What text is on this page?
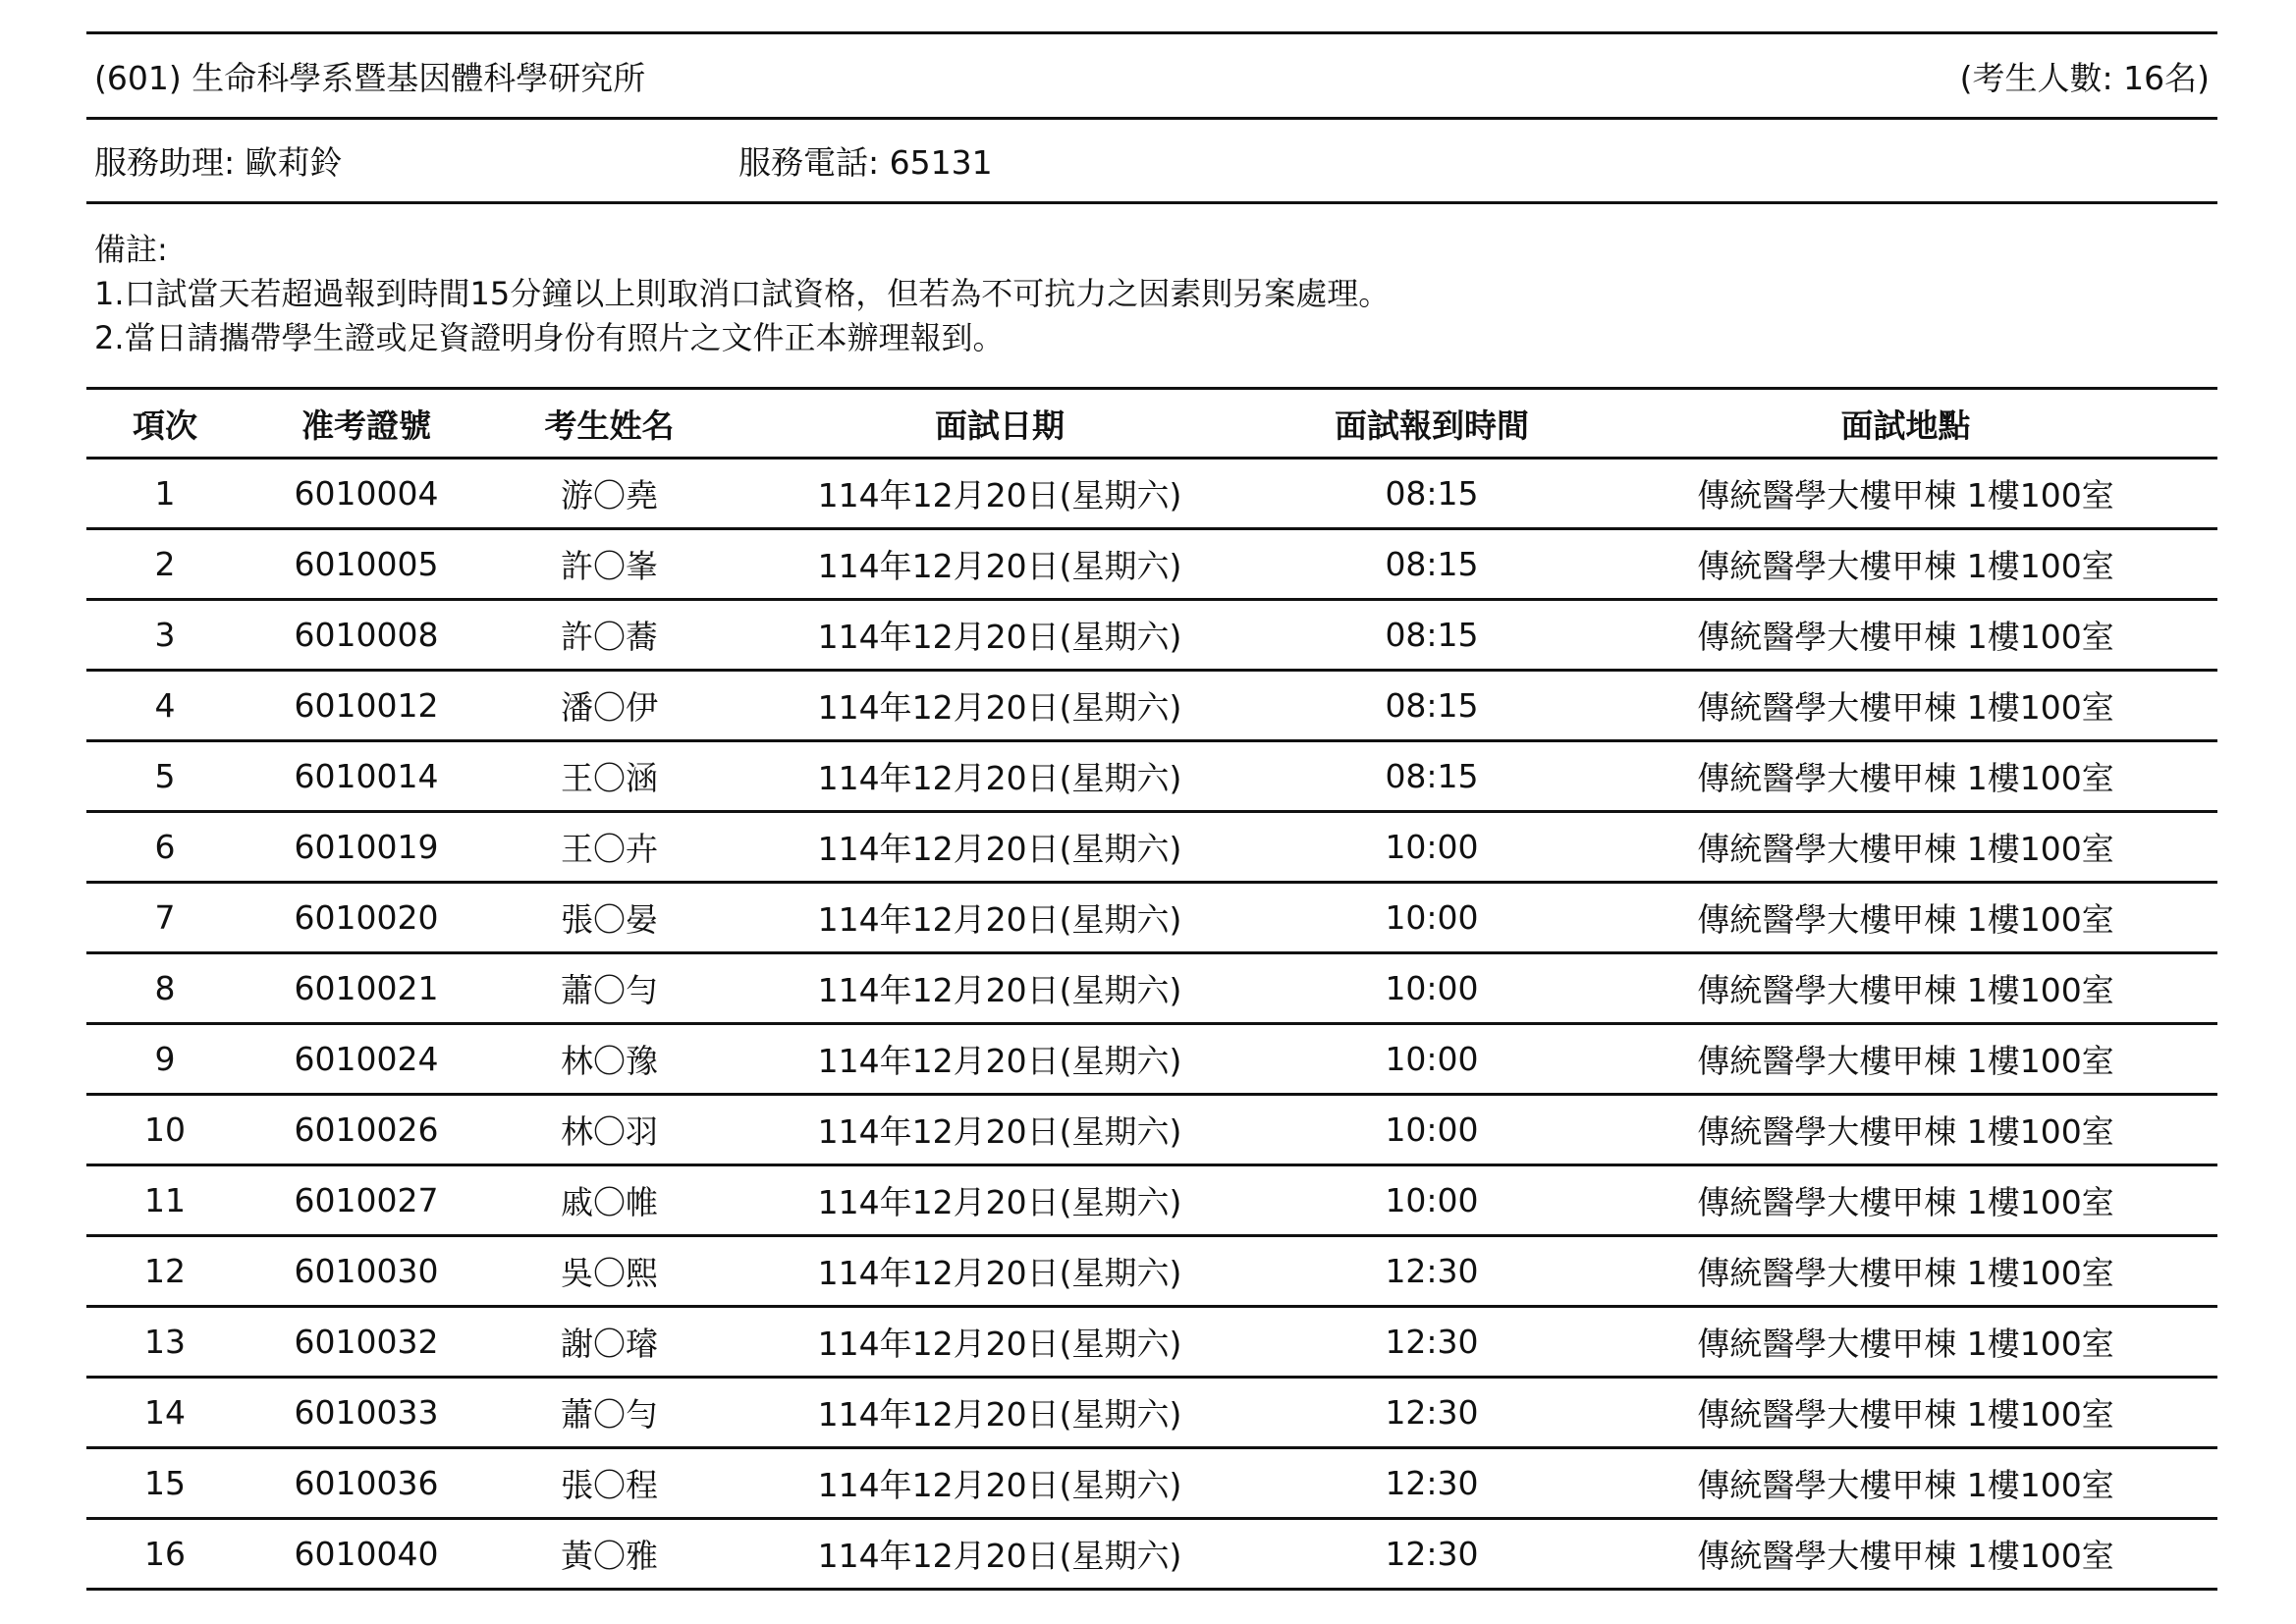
(601) 生命科學系暨基因體科學研究所	(考生人數: 16名)
服務助理: 歐莉鈴	服務電話: 65131
備註:
1.口試當天若超過報到時間15分鐘以上則取消口試資格，但若為不可抗力之因素則另案處理。
2.當日請攜帶學生證或足資證明身份有照片之文件正本辦理報到。
項次	准考證號	考生姓名	面試日期	面試報到時間	面試地點
1	6010004	游〇堯	114年12月20日(星期六)	08:15	傳統醫學大樓甲棟 1樓100室
2	6010005	許〇峯	114年12月20日(星期六)	08:15	傳統醫學大樓甲棟 1樓100室
3	6010008	許〇蕎	114年12月20日(星期六)	08:15	傳統醫學大樓甲棟 1樓100室
4	6010012	潘〇伊	114年12月20日(星期六)	08:15	傳統醫學大樓甲棟 1樓100室
5	6010014	王〇涵	114年12月20日(星期六)	08:15	傳統醫學大樓甲棟 1樓100室
6	6010019	王〇卉	114年12月20日(星期六)	10:00	傳統醫學大樓甲棟 1樓100室
7	6010020	張〇晏	114年12月20日(星期六)	10:00	傳統醫學大樓甲棟 1樓100室
8	6010021	蕭〇勻	114年12月20日(星期六)	10:00	傳統醫學大樓甲棟 1樓100室
9	6010024	林〇豫	114年12月20日(星期六)	10:00	傳統醫學大樓甲棟 1樓100室
10	6010026	林〇羽	114年12月20日(星期六)	10:00	傳統醫學大樓甲棟 1樓100室
11	6010027	戚〇帷	114年12月20日(星期六)	10:00	傳統醫學大樓甲棟 1樓100室
12	6010030	吳〇熙	114年12月20日(星期六)	12:30	傳統醫學大樓甲棟 1樓100室
13	6010032	謝〇璿	114年12月20日(星期六)	12:30	傳統醫學大樓甲棟 1樓100室
14	6010033	蕭〇勻	114年12月20日(星期六)	12:30	傳統醫學大樓甲棟 1樓100室
15	6010036	張〇程	114年12月20日(星期六)	12:30	傳統醫學大樓甲棟 1樓100室
16	6010040	黃〇雅	114年12月20日(星期六)	12:30	傳統醫學大樓甲棟 1樓100室
